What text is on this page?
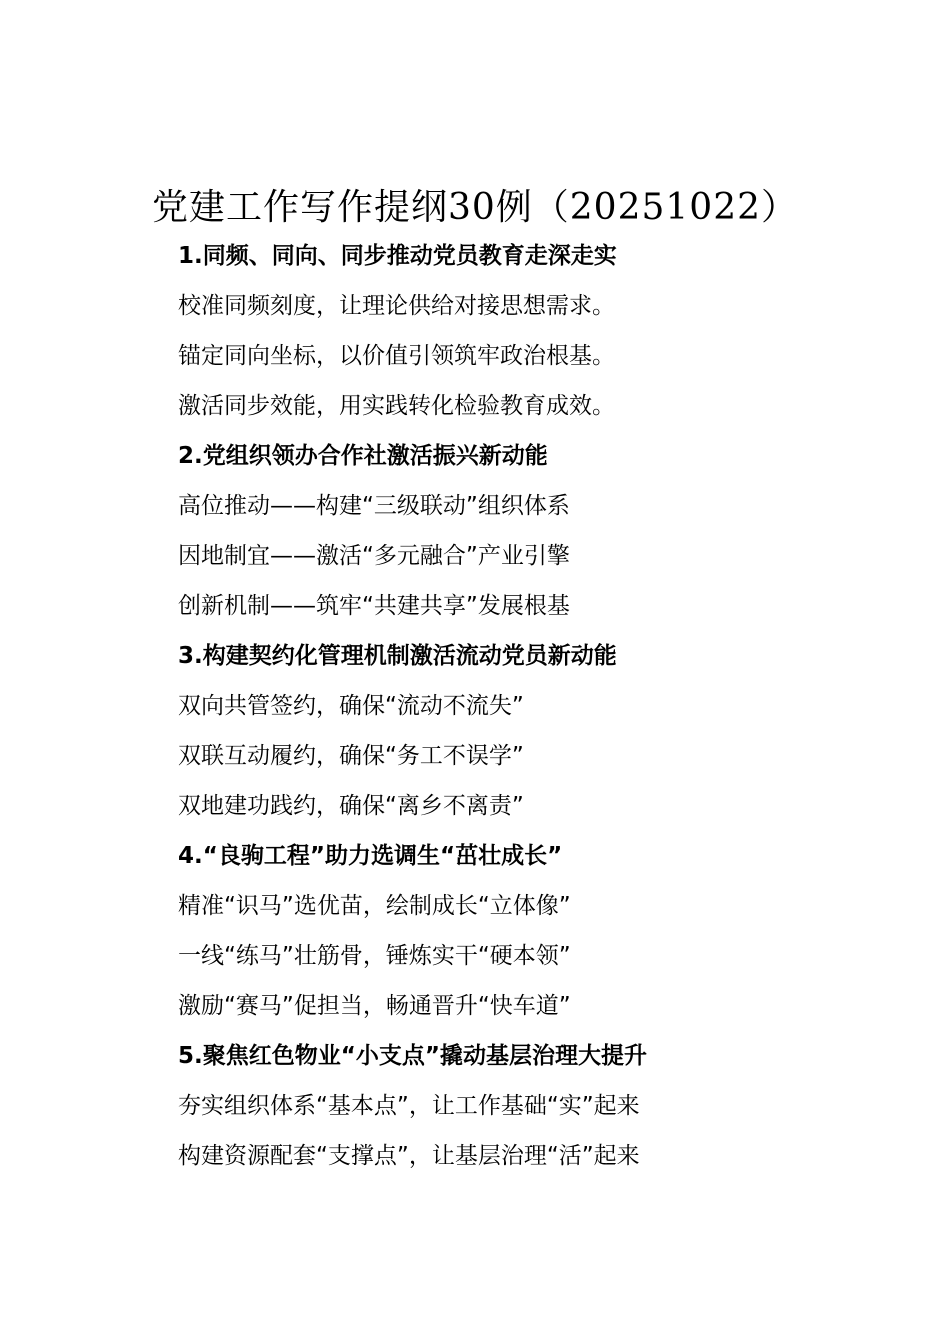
党建工作写作提纲30例（20251022）
1.同频、同向、同步推动党员教育走深走实
校准同频刻度，让理论供给对接思想需求。
锚定同向坐标，以价值引领筑牢政治根基。
激活同步效能，用实践转化检验教育成效。
2.党组织领办合作社激活振兴新动能
高位推动——构建“三级联动”组织体系
因地制宜——激活“多元融合”产业引擎
创新机制——筑牢“共建共享”发展根基
3.构建契约化管理机制激活流动党员新动能
双向共管签约，确保“流动不流失”
双联互动履约，确保“务工不误学”
双地建功践约，确保“离乡不离责”
4.“良驹工程”助力选调生“茁壮成长”
精准“识马”选优苗，绘制成长“立体像”
一线“练马”壮筋骨，锤炼实干“硬本领”
激励“赛马”促担当，畅通晋升“快车道”
5.聚焦红色物业“小支点”撬动基层治理大提升
夯实组织体系“基本点”，让工作基础“实”起来
构建资源配套“支撑点”，让基层治理“活”起来
